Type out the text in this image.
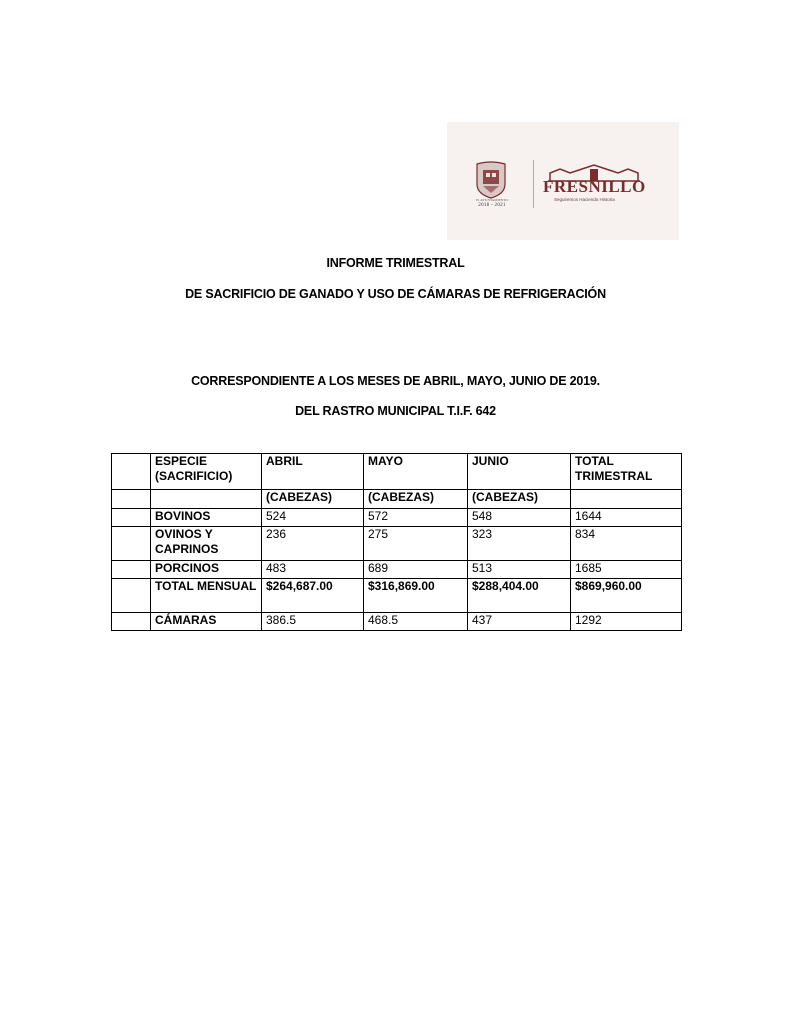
H. AYUNTAMIENTO
2018 - 2021
FRESNILLO
Seguiremos Haciendo Historia
INFORME TRIMESTRAL
DE SACRIFICIO DE GANADO Y USO DE CÁMARAS DE REFRIGERACIÓN
CORRESPONDIENTE A LOS MESES DE ABRIL, MAYO, JUNIO DE 2019.
DEL RASTRO MUNICIPAL T.I.F. 642
	ESPECIE (SACRIFICIO)	ABRIL	MAYO	JUNIO	TOTAL TRIMESTRAL
		(CABEZAS)	(CABEZAS)	(CABEZAS)	
	BOVINOS	524	572	548	1644
	OVINOS Y CAPRINOS	236	275	323	834
	PORCINOS	483	689	513	1685
	TOTAL MENSUAL	$264,687.00	$316,869.00	$288,404.00	$869,960.00
	CÁMARAS	386.5	468.5	437	1292
